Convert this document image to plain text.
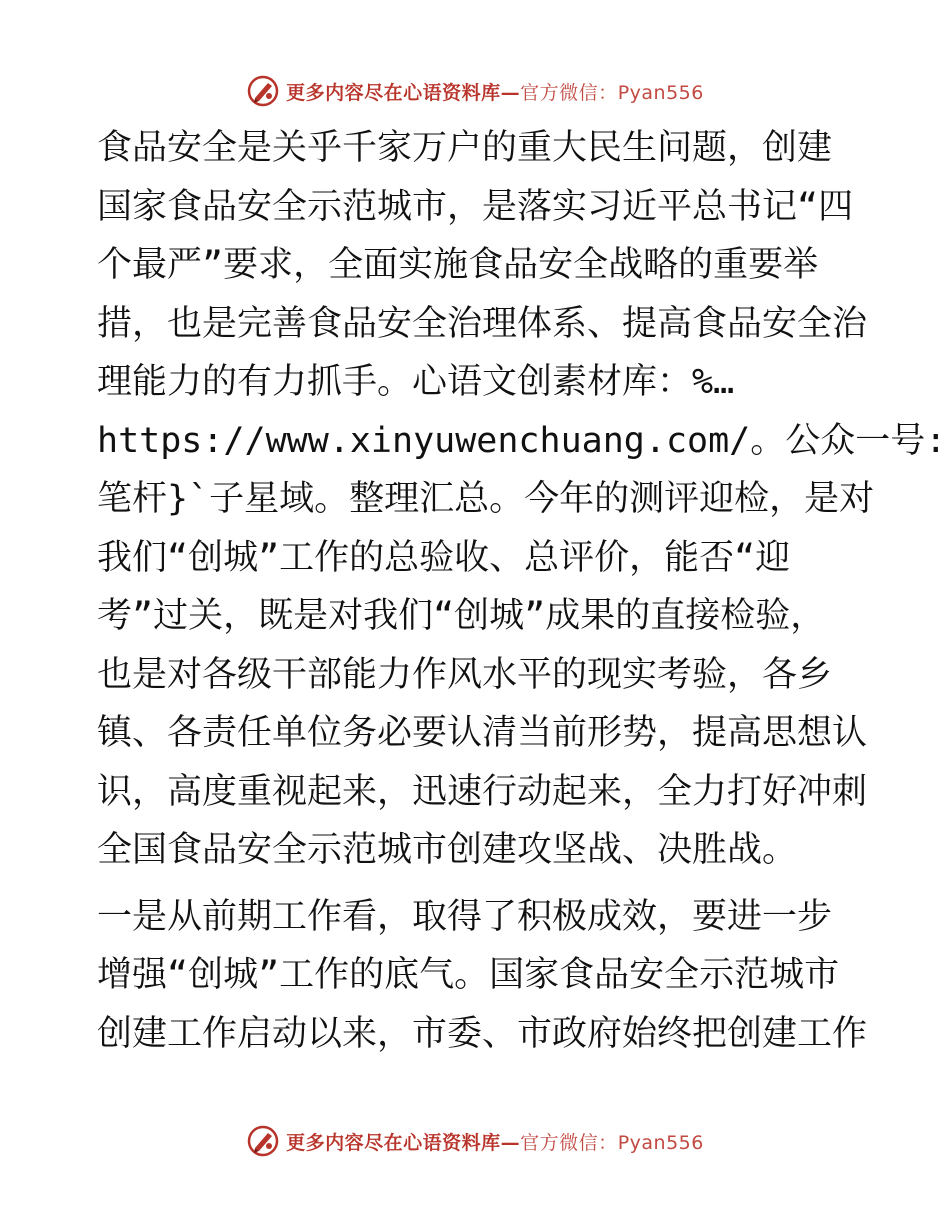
更多内容尽在心语资料库—官方微信：Pyan556

食品安全是关乎千家万户的重大民生问题，创建
国家食品安全示范城市，是落实习近平总书记“四
个最严”要求，全面实施食品安全战略的重要举
措，也是完善食品安全治理体系、提高食品安全治
理能力的有力抓手。心语文创素材库：%…
https://www.xinyuwenchuang.com/。公众一号:
笔杆}`子星域。整理汇总。今年的测评迎检，是对
我们“创城”工作的总验收、总评价，能否“迎
考”过关，既是对我们“创城”成果的直接检验，
也是对各级干部能力作风水平的现实考验，各乡
镇、各责任单位务必要认清当前形势，提高思想认
识，高度重视起来，迅速行动起来，全力打好冲刺
全国食品安全示范城市创建攻坚战、决胜战。

一是从前期工作看，取得了积极成效，要进一步
增强“创城”工作的底气。国家食品安全示范城市
创建工作启动以来，市委、市政府始终把创建工作

更多内容尽在心语资料库—官方微信：Pyan556
